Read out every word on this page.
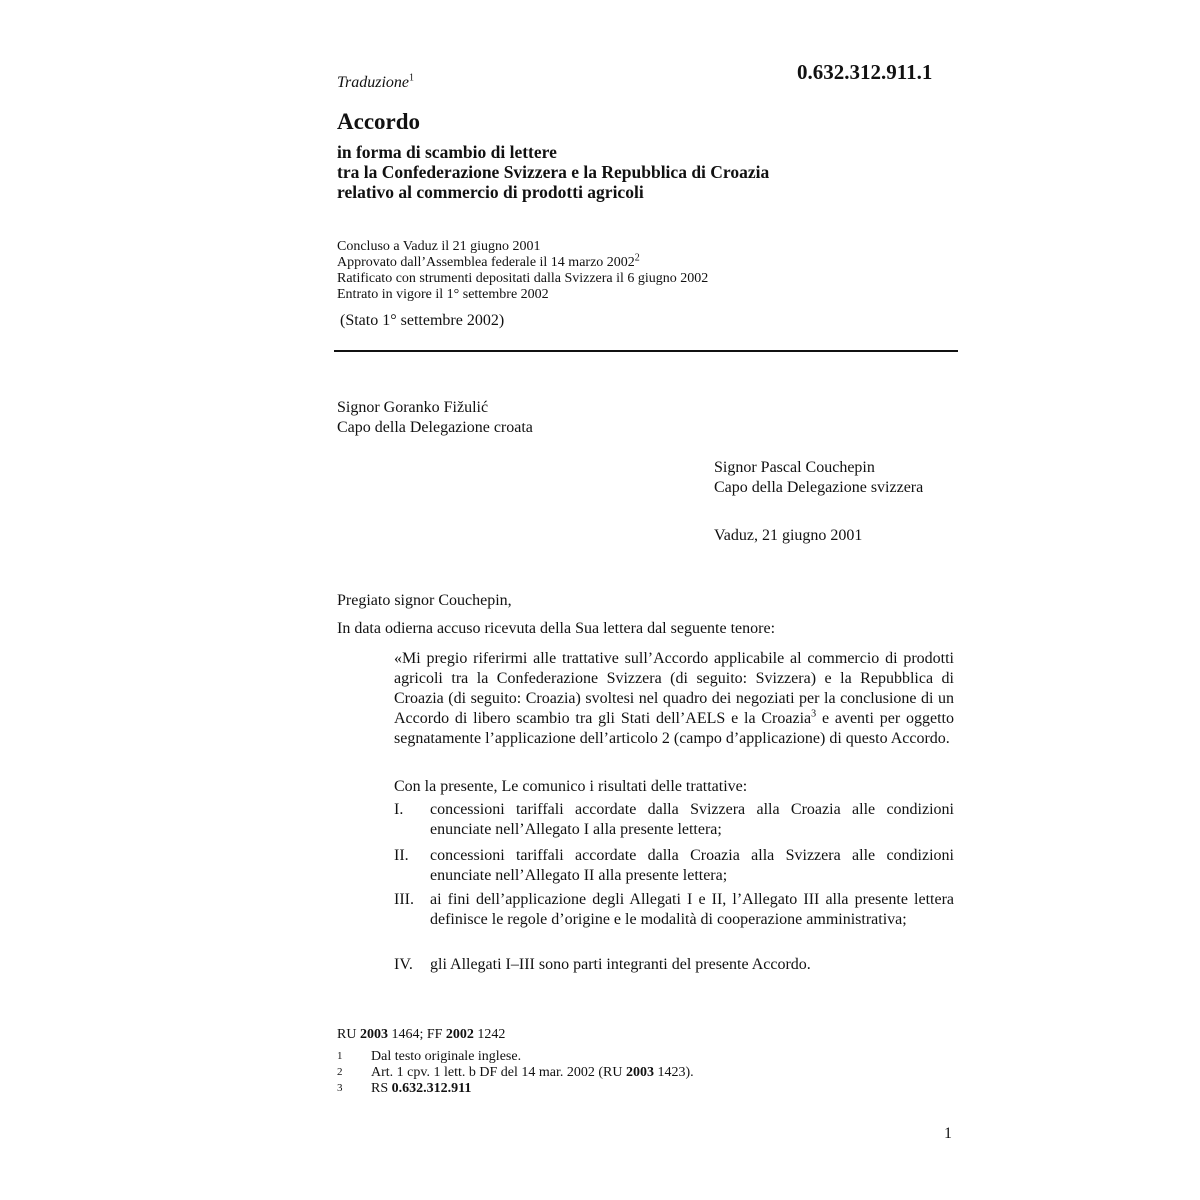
0.632.312.911.1
Traduzione$^1$
Accordo
in forma di scambio di lettere
tra la Confederazione Svizzera e la Repubblica di Croazia
relativo al commercio di prodotti agricoli
Concluso a Vaduz il 21 giugno 2001
Approvato dall’Assemblea federale il 14 marzo 2002$^2$
Ratificato con strumenti depositati dalla Svizzera il 6 giugno 2002
Entrato in vigore il 1° settembre 2002
(Stato 1° settembre 2002)
Signor Goranko Fižulić
Capo della Delegazione croata
Signor Pascal Couchepin
Capo della Delegazione svizzera
Vaduz, 21 giugno 2001
Pregiato signor Couchepin,
In data odierna accuso ricevuta della Sua lettera dal seguente tenore:
«Mi pregio riferirmi alle trattative sull’Accordo applicabile al commercio di prodotti agricoli tra la Confederazione Svizzera (di seguito: Svizzera) e la Repubblica di Croazia (di seguito: Croazia) svoltesi nel quadro dei negoziati per la conclusione di un Accordo di libero scambio tra gli Stati dell’AELS e la Croazia$^3$ e aventi per oggetto segnatamente l’applicazione dell’articolo 2 (campo d’applicazione) di questo Accordo.
Con la presente, Le comunico i risultati delle trattative:
I.	concessioni tariffali accordate dalla Svizzera alla Croazia alle condizioni enunciate nell’Allegato I alla presente lettera;
II.	concessioni tariffali accordate dalla Croazia alla Svizzera alle condizioni enunciate nell’Allegato II alla presente lettera;
III.	ai fini dell’applicazione degli Allegati I e II, l’Allegato III alla presente lettera definisce le regole d’origine e le modalità di cooperazione amministrativa;
IV.	gli Allegati I–III sono parti integranti del presente Accordo.
RU 2003 1464; FF 2002 1242
1 Dal testo originale inglese.
2 Art. 1 cpv. 1 lett. b DF del 14 mar. 2002 (RU 2003 1423).
3 RS 0.632.312.911
1
